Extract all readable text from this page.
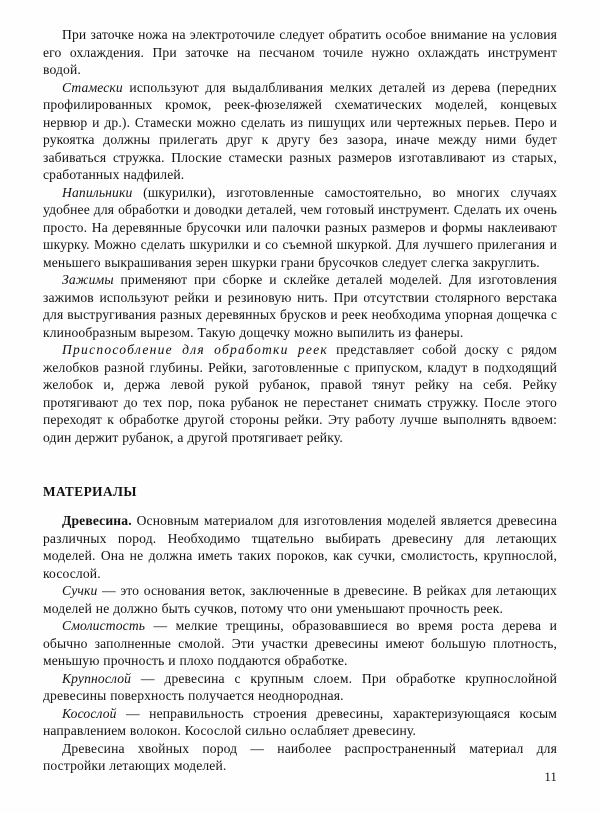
При заточке ножа на электроточиле следует обратить особое внимание на условия его охлаждения. При заточке на песчаном точиле нужно охлаждать инструмент водой.

Стамески используют для выдалбливания мелких деталей из дерева (передних профилированных кромок, реек-фюзеляжей схематических моделей, концевых нервюр и др.). Стамески можно сделать из пишущих или чертежных перьев. Перо и рукоятка должны прилегать друг к другу без зазора, иначе между ними будет забиваться стружка. Плоские стамески разных размеров изготавливают из старых, сработанных надфилей.

Напильники (шкурилки), изготовленные самостоятельно, во многих случаях удобнее для обработки и доводки деталей, чем готовый инструмент. Сделать их очень просто. На деревянные брусочки или палочки разных размеров и формы наклеивают шкурку. Можно сделать шкурилки и со съемной шкуркой. Для лучшего прилегания и меньшего выкрашивания зерен шкурки грани брусочков следует слегка закруглить.

Зажимы применяют при сборке и склейке деталей моделей. Для изготовления зажимов используют рейки и резиновую нить. При отсутствии столярного верстака для выстругивания разных деревянных брусков и реек необходима упорная дощечка с клинообразным вырезом. Такую дощечку можно выпилить из фанеры.

Приспособление для обработки реек представляет собой доску с рядом желобков разной глубины. Рейки, заготовленные с припуском, кладут в подходящий желобок и, держа левой рукой рубанок, правой тянут рейку на себя. Рейку протягивают до тех пор, пока рубанок не перестанет снимать стружку. После этого переходят к обработке другой стороны рейки. Эту работу лучше выполнять вдвоем: один держит рубанок, а другой протягивает рейку.

МАТЕРИАЛЫ

Древесина. Основным материалом для изготовления моделей является древесина различных пород. Необходимо тщательно выбирать древесину для летающих моделей. Она не должна иметь таких пороков, как сучки, смолистость, крупнослой, косослой.

Сучки — это основания веток, заключенные в древесине. В рейках для летающих моделей не должно быть сучков, потому что они уменьшают прочность реек.

Смолистость — мелкие трещины, образовавшиеся во время роста дерева и обычно заполненные смолой. Эти участки древесины имеют большую плотность, меньшую прочность и плохо поддаются обработке.

Крупнослой — древесина с крупным слоем. При обработке крупнослойной древесины поверхность получается неоднородная.

Косослой — неправильность строения древесины, характеризующаяся косым направлением волокон. Косослой сильно ослабляет древесину.

Древесина хвойных пород — наиболее распространенный материал для постройки летающих моделей.

11
